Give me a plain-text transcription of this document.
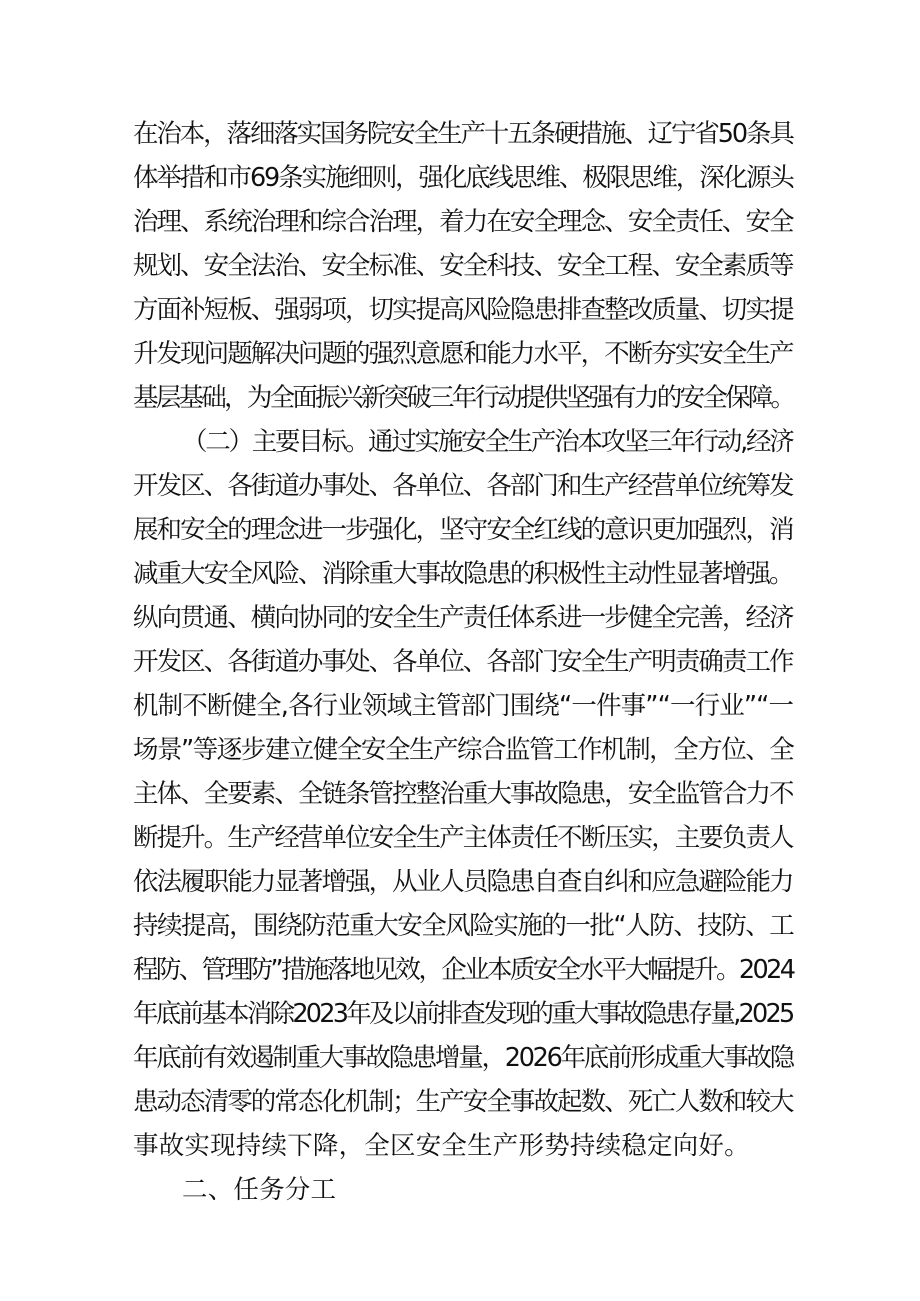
在治本，落细落实国务院安全生产十五条硬措施、辽宁省50条具
体举措和市69条实施细则，强化底线思维、极限思维，深化源头
治理、系统治理和综合治理，着力在安全理念、安全责任、安全
规划、安全法治、安全标准、安全科技、安全工程、安全素质等
方面补短板、强弱项，切实提高风险隐患排查整改质量、切实提
升发现问题解决问题的强烈意愿和能力水平，不断夯实安全生产
基层基础，为全面振兴新突破三年行动提供坚强有力的安全保障。
（二）主要目标。通过实施安全生产治本攻坚三年行动,经济
开发区、各街道办事处、各单位、各部门和生产经营单位统筹发
展和安全的理念进一步强化，坚守安全红线的意识更加强烈，消
减重大安全风险、消除重大事故隐患的积极性主动性显著增强。
纵向贯通、横向协同的安全生产责任体系进一步健全完善，经济
开发区、各街道办事处、各单位、各部门安全生产明责确责工作
机制不断健全,各行业领域主管部门围绕“一件事”“一行业”“一
场景”等逐步建立健全安全生产综合监管工作机制，全方位、全
主体、全要素、全链条管控整治重大事故隐患，安全监管合力不
断提升。生产经营单位安全生产主体责任不断压实，主要负责人
依法履职能力显著增强，从业人员隐患自查自纠和应急避险能力
持续提高，围绕防范重大安全风险实施的一批“人防、技防、工
程防、管理防”措施落地见效，企业本质安全水平大幅提升。2024
年底前基本消除2023年及以前排查发现的重大事故隐患存量,2025
年底前有效遏制重大事故隐患增量，2026年底前形成重大事故隐
患动态清零的常态化机制；生产安全事故起数、死亡人数和较大
事故实现持续下降，全区安全生产形势持续稳定向好。
二、任务分工
